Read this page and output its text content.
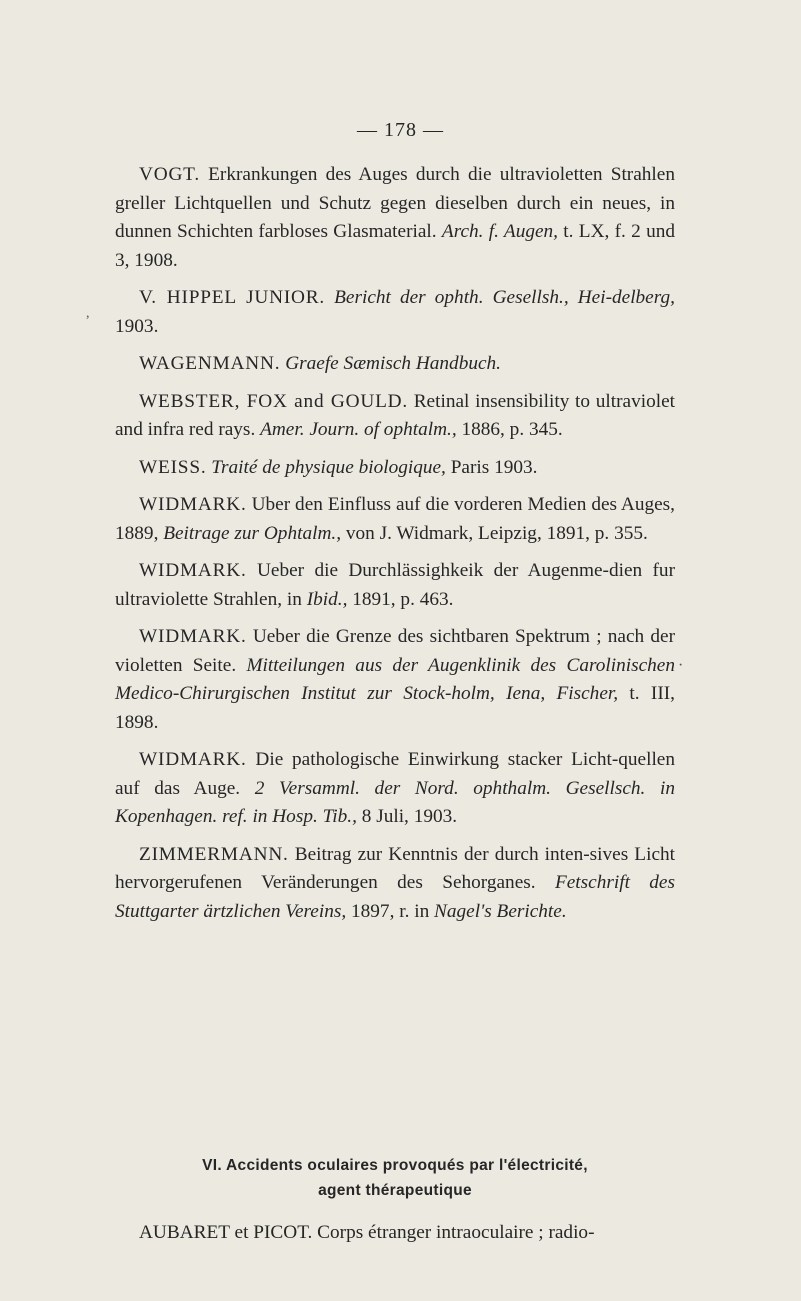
— 178 —

VOGT. Erkrankungen des Auges durch die ultravioletten Strahlen greller Lichtquellen und Schutz gegen dieselben durch ein neues, in dunnen Schichten farbloses Glasmaterial. Arch. f. Augen, t. LX, f. 2 und 3, 1908.

V. HIPPEL JUNIOR. Bericht der ophth. Gesellsh., Hei-delberg, 1903.

WAGENMANN. Graefe Sæmisch Handbuch.

WEBSTER, FOX and GOULD. Retinal insensibility to ultraviolet and infra red rays. Amer. Journ. of ophtalm., 1886, p. 345.

WEISS. Traité de physique biologique, Paris 1903.

WIDMARK. Uber den Einfluss auf die vorderen Medien des Auges, 1889, Beitrage zur Ophtalm., von J. Widmark, Leipzig, 1891, p. 355.

WIDMARK. Ueber die Durchlässighkeik der Augenme-dien fur ultraviolette Strahlen, in Ibid., 1891, p. 463.

WIDMARK. Ueber die Grenze des sichtbaren Spektrum ; nach der violetten Seite. Mitteilungen aus der Augenklinik des Carolinischen Medico-Chirurgischen Institut zur Stock-holm, Iena, Fischer, t. III, 1898.

WIDMARK. Die pathologische Einwirkung stacker Licht-quellen auf das Auge. 2 Versamml. der Nord. ophthalm. Gesellsch. in Kopenhagen. ref. in Hosp. Tib., 8 Juli, 1903.

ZIMMERMANN. Beitrag zur Kenntnis der durch inten-sives Licht hervorgerufenen Veränderungen des Sehorganes. Fetschrift des Stuttgarter ärtzlichen Vereins, 1897, r. in Nagel's Berichte.

VI. Accidents oculaires provoqués par l'électricité,
agent thérapeutique
AUBARET et PICOT. Corps étranger intraoculaire ; radio-
,
·
